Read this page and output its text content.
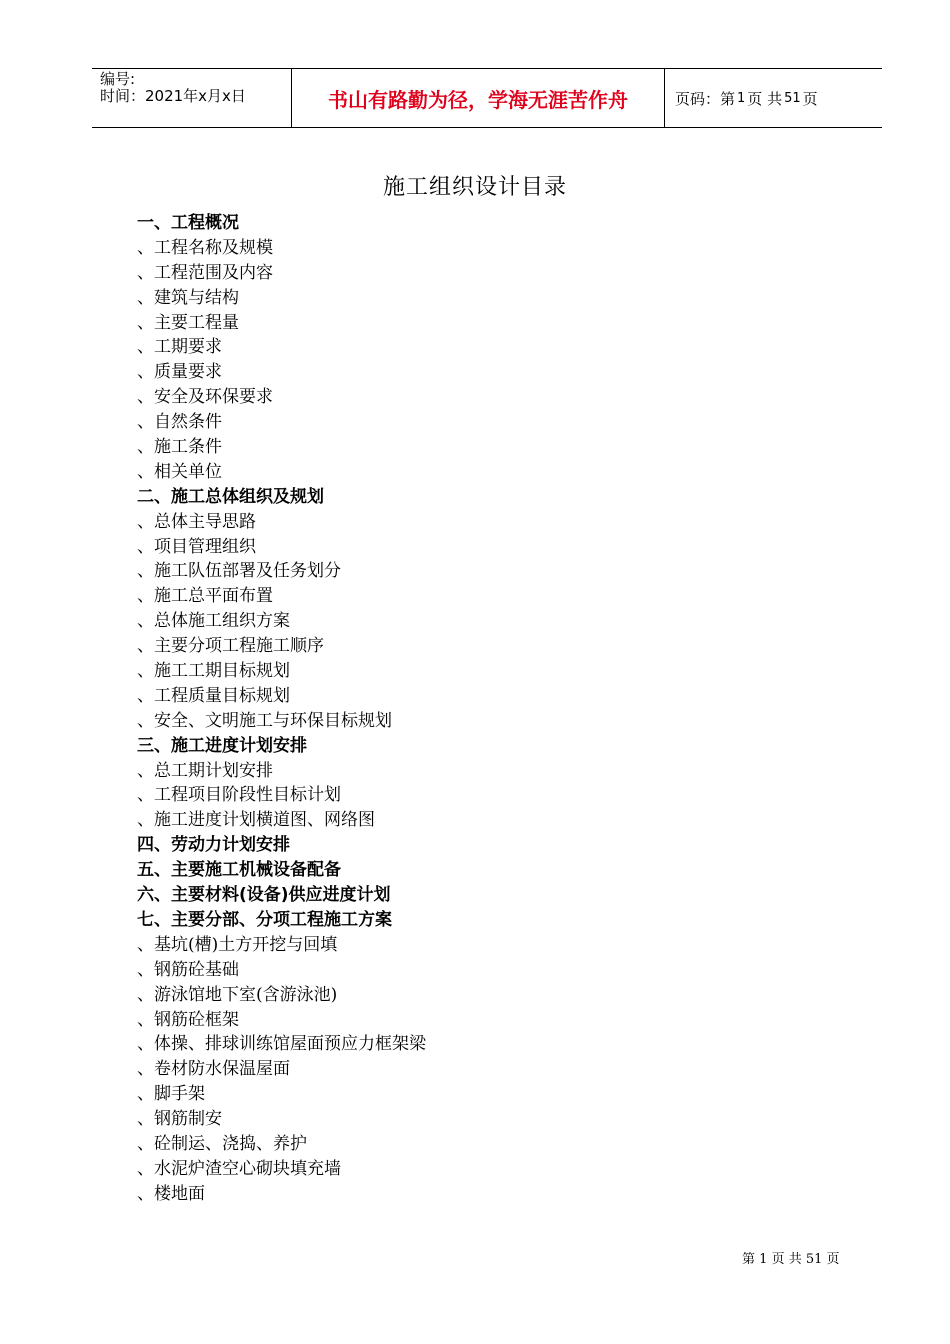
编号:
时间：2021年x月x日	书山有路勤为径，学海无涯苦作舟	页码：第 1 页 共 51 页
施工组织设计目录
一、工程概况
、工程名称及规模
、工程范围及内容
、建筑与结构
、主要工程量
、工期要求
、质量要求
、安全及环保要求
、自然条件
、施工条件
、相关单位
二、施工总体组织及规划
、总体主导思路
、项目管理组织
、施工队伍部署及任务划分
、施工总平面布置
、总体施工组织方案
、主要分项工程施工顺序
、施工工期目标规划
、工程质量目标规划
、安全、文明施工与环保目标规划
三、施工进度计划安排
、总工期计划安排
、工程项目阶段性目标计划
、施工进度计划横道图、网络图
四、劳动力计划安排
五、主要施工机械设备配备
六、主要材料(设备)供应进度计划
七、主要分部、分项工程施工方案
、基坑(槽)土方开挖与回填
、钢筋砼基础
、游泳馆地下室(含游泳池)
、钢筋砼框架
、体操、排球训练馆屋面预应力框架梁
、卷材防水保温屋面
、脚手架
、钢筋制安
、砼制运、浇捣、养护
、水泥炉渣空心砌块填充墙
、楼地面
第 1 页 共 51 页
